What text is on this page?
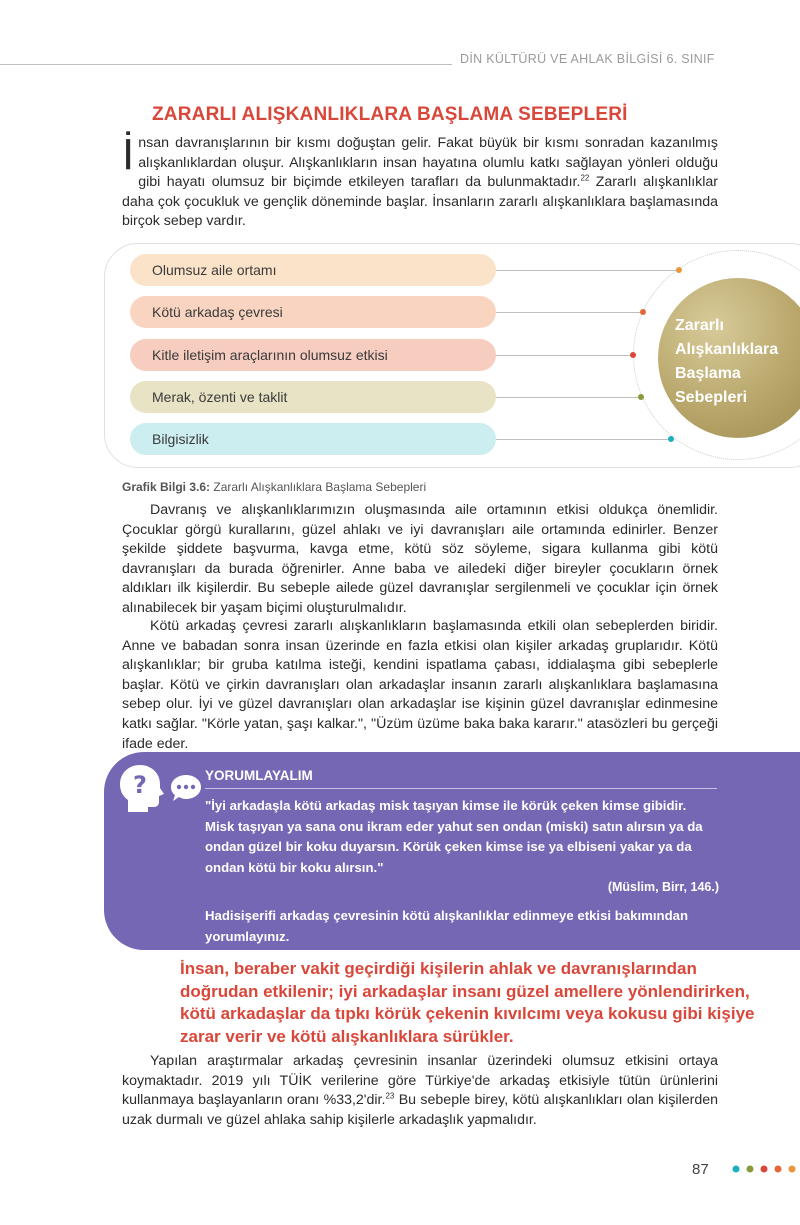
DİN KÜLTÜRÜ VE AHLAK BİLGİSİ 6. SINIF
ZARARLI ALIŞKANLIKLARA BAŞLAMA SEBEPLERİ

İnsan davranışlarının bir kısmı doğuştan gelir. Fakat büyük bir kısmı sonradan kazanılmış alışkanlıklardan oluşur. Alışkanlıkların insan hayatına olumlu katkı sağlayan yönleri olduğu gibi hayatı olumsuz bir biçimde etkileyen tarafları da bulunmaktadır.$^{22}$ Zararlı alışkanlıklar daha çok çocukluk ve gençlik döneminde başlar. İnsanların zararlı alışkanlıklara başlamasında birçok sebep vardır.

Zararlı Alışkanlıklara Başlama Sebepleri
Olumsuz aile ortamı
Kötü arkadaş çevresi
Kitle iletişim araçlarının olumsuz etkisi
Merak, özenti ve taklit
Bilgisizlik
Grafik Bilgi 3.6: Zararlı Alışkanlıklara Başlama Sebepleri

Davranış ve alışkanlıklarımızın oluşmasında aile ortamının etkisi oldukça önemlidir. Çocuklar görgü kurallarını, güzel ahlakı ve iyi davranışları aile ortamında edinirler. Benzer şekilde şiddete başvurma, kavga etme, kötü söz söyleme, sigara kullanma gibi kötü davranışları da burada öğrenirler. Anne baba ve ailedeki diğer bireyler çocukların örnek aldıkları ilk kişilerdir. Bu sebeple ailede güzel davranışlar sergilenmeli ve çocuklar için örnek alınabilecek bir yaşam biçimi oluşturulmalıdır.

Kötü arkadaş çevresi zararlı alışkanlıkların başlamasında etkili olan sebeplerden biridir. Anne ve babadan sonra insan üzerinde en fazla etkisi olan kişiler arkadaş gruplarıdır. Kötü alışkanlıklar; bir gruba katılma isteği, kendini ispatlama çabası, iddialaşma gibi sebeplerle başlar. Kötü ve çirkin davranışları olan arkadaşlar insanın zararlı alışkanlıklara başlamasına sebep olur. İyi ve güzel davranışları olan arkadaşlar ise kişinin güzel davranışlar edinmesine katkı sağlar. "Körle yatan, şaşı kalkar.", "Üzüm üzüme baka baka kararır." atasözleri bu gerçeği ifade eder.

?	YORUMLAYALIM

"İyi arkadaşla kötü arkadaş misk taşıyan kimse ile körük çeken kimse gibidir. Misk taşıyan ya sana onu ikram eder yahut sen ondan (miski) satın alırsın ya da ondan güzel bir koku duyarsın. Körük çeken kimse ise ya elbiseni yakar ya da ondan kötü bir koku alırsın."

(Müslim, Birr, 146.)

Hadisişerifi arkadaş çevresinin kötü alışkanlıklar edinmeye etkisi bakımından yorumlayınız.

İnsan, beraber vakit geçirdiği kişilerin ahlak ve davranışlarından doğrudan etkilenir; iyi arkadaşlar insanı güzel amellere yönlendirirken, kötü arkadaşlar da tıpkı körük çekenin kıvılcımı veya kokusu gibi kişiye zarar verir ve kötü alışkanlıklara sürükler.

Yapılan araştırmalar arkadaş çevresinin insanlar üzerindeki olumsuz etkisini ortaya koymaktadır. 2019 yılı TÜİK verilerine göre Türkiye'de arkadaş etkisiyle tütün ürünlerini kullanmaya başlayanların oranı %33,2'dir.$^{23}$ Bu sebeple birey, kötü alışkanlıkları olan kişilerden uzak durmalı ve güzel ahlaka sahip kişilerle arkadaşlık yapmalıdır.

87
